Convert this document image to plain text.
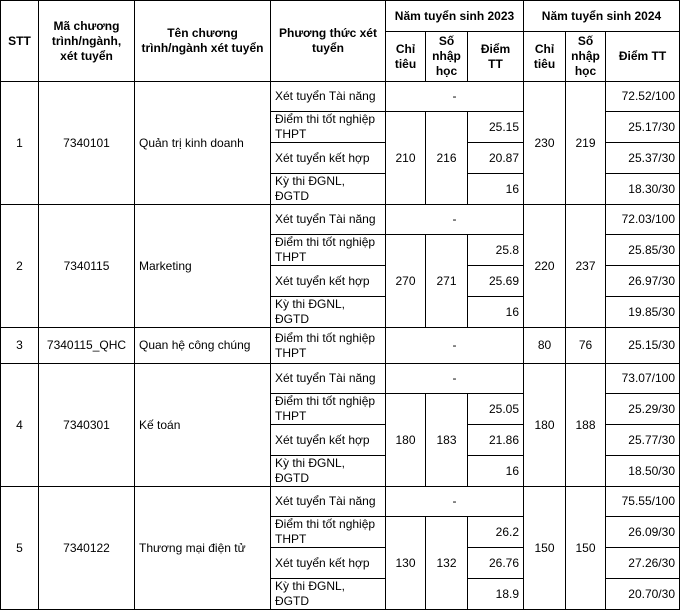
STT	Mã chương trình/ngành, xét tuyển	Tên chương trình/ngành xét tuyển	Phương thức xét tuyển	Năm tuyển sinh 2023			Năm tuyển sinh 2024		
				Chỉ tiêu	Số nhập học	Điểm TT	Chỉ tiêu	Số nhập học	Điểm TT
1	7340101	Quản trị kinh doanh	Xét tuyển Tài năng	-			230	219	72.52/100
			Điểm thi tốt nghiệp THPT	210	216	25.15			25.17/30
			Xét tuyển kết hợp			20.87			25.37/30
			Kỳ thi ĐGNL, ĐGTD			16			18.30/30
2	7340115	Marketing	Xét tuyển Tài năng	-			220	237	72.03/100
			Điểm thi tốt nghiệp THPT	270	271	25.8			25.85/30
			Xét tuyển kết hợp			25.69			26.97/30
			Kỳ thi ĐGNL, ĐGTD			16			19.85/30
3	7340115_QHC	Quan hệ công chúng	Điểm thi tốt nghiệp THPT	-			80	76	25.15/30
4	7340301	Kế toán	Xét tuyển Tài năng	-			180	188	73.07/100
			Điểm thi tốt nghiệp THPT	180	183	25.05			25.29/30
			Xét tuyển kết hợp			21.86			25.77/30
			Kỳ thi ĐGNL, ĐGTD			16			18.50/30
5	7340122	Thương mại điện tử	Xét tuyển Tài năng	-			150	150	75.55/100
			Điểm thi tốt nghiệp THPT	130	132	26.2			26.09/30
			Xét tuyển kết hợp			26.76			27.26/30
			Kỳ thi ĐGNL, ĐGTD			18.9			20.70/30
